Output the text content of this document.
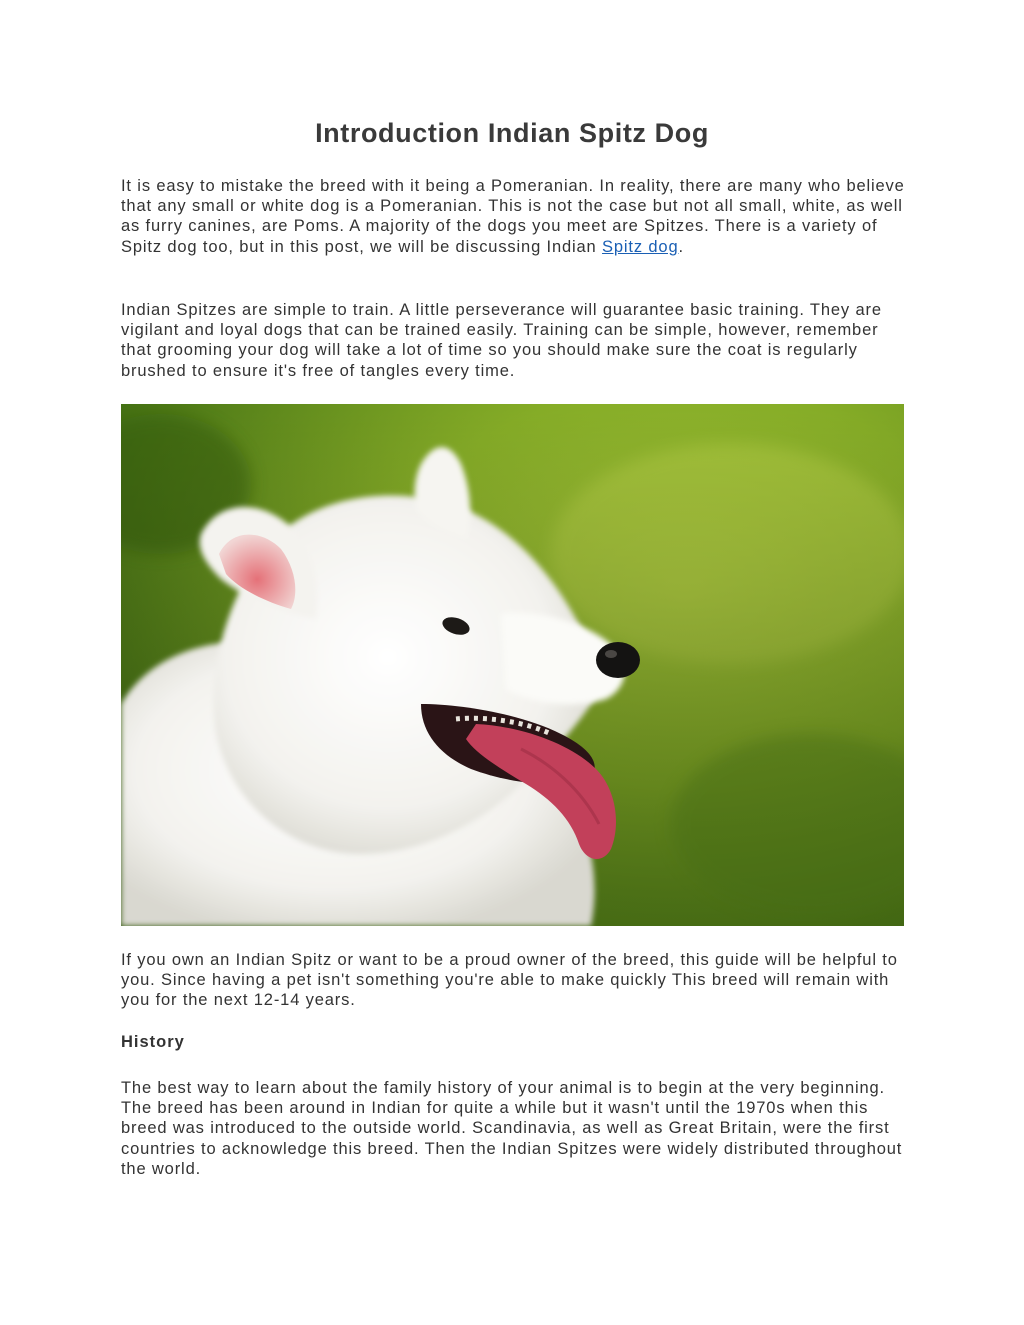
Introduction Indian Spitz Dog

It is easy to mistake the breed with it being a Pomeranian. In reality, there are many who believe that any small or white dog is a Pomeranian. This is not the case but not all small, white, as well as furry canines, are Poms. A majority of the dogs you meet are Spitzes. There is a variety of Spitz dog too, but in this post, we will be discussing Indian Spitz dog.

Indian Spitzes are simple to train. A little perseverance will guarantee basic training. They are vigilant and loyal dogs that can be trained easily. Training can be simple, however, remember that grooming your dog will take a lot of time so you should make sure the coat is regularly brushed to ensure it's free of tangles every time.

If you own an Indian Spitz or want to be a proud owner of the breed, this guide will be helpful to you. Since having a pet isn't something you're able to make quickly This breed will remain with you for the next 12-14 years.

History

The best way to learn about the family history of your animal is to begin at the very beginning. The breed has been around in Indian for quite a while but it wasn't until the 1970s when this breed was introduced to the outside world. Scandinavia, as well as Great Britain, were the first countries to acknowledge this breed. Then the Indian Spitzes were widely distributed throughout the world.
